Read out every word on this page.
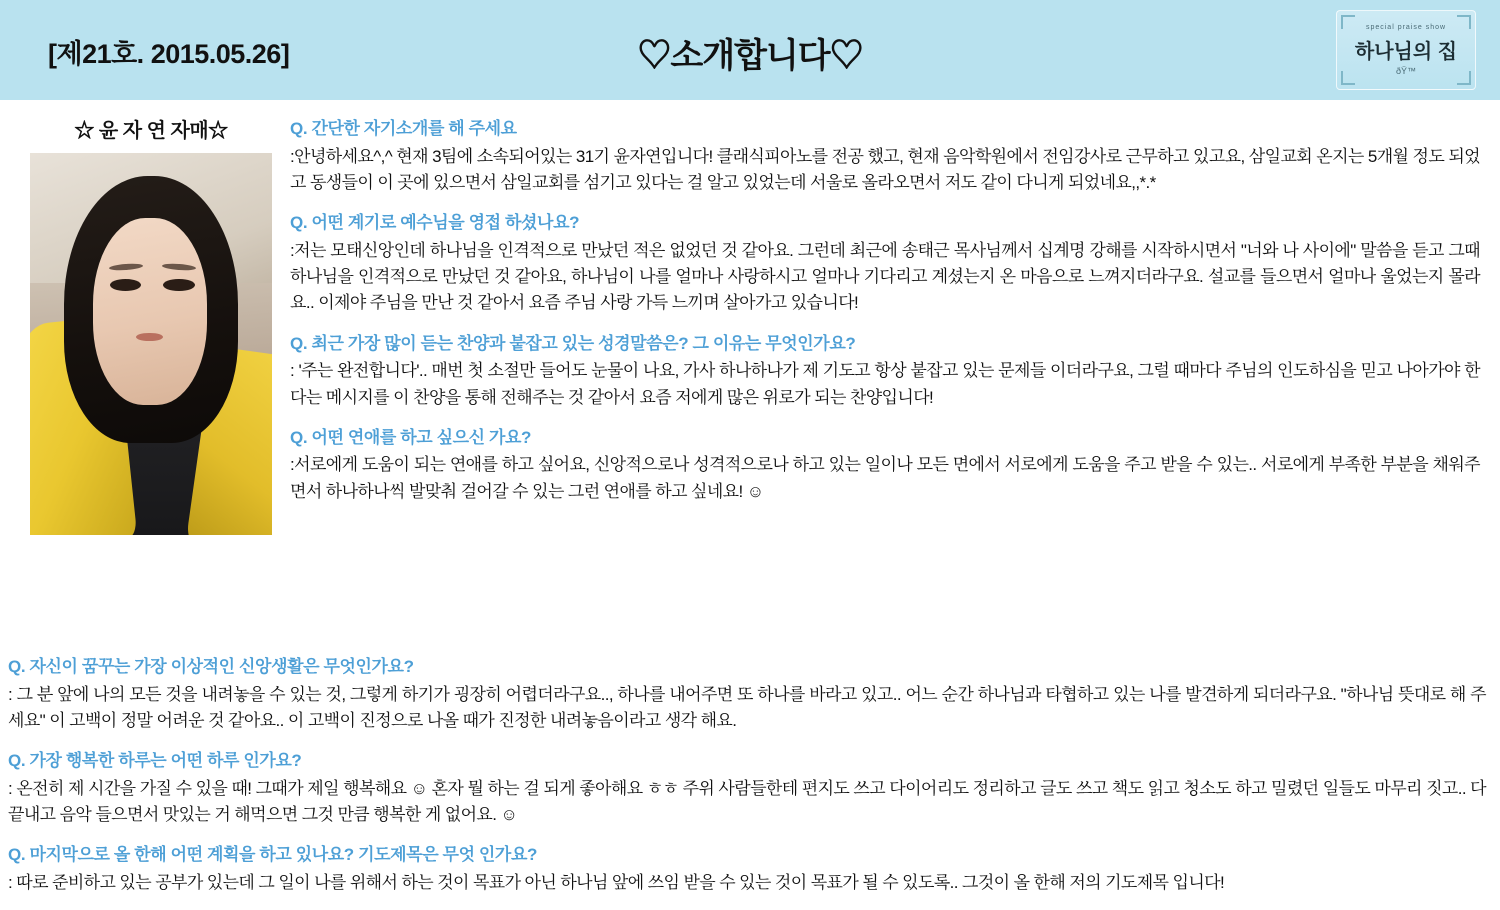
[제21호. 2015.05.26]	♡소개합니다♡
special praise show
하나님의 집
ðŸ™
☆ 윤 자 연 자매☆	Q. 간단한 자기소개를 해 주세요
:안녕하세요^,^ 현재 3팀에 소속되어있는 31기 윤자연입니다! 클래식피아노를 전공 했고, 현재 음악학원에서 전임강사로 근무하고 있고요, 삼일교회 온지는 5개월 정도 되었고 동생들이 이 곳에 있으면서 삼일교회를 섬기고 있다는 걸 알고 있었는데 서울로 올라오면서 저도 같이 다니게 되었네요,,*.*
Q. 어떤 계기로 예수님을 영접 하셨나요?
:저는 모태신앙인데 하나님을 인격적으로 만났던 적은 없었던 것 같아요. 그런데 최근에 송태근 목사님께서 십계명 강해를 시작하시면서 "너와 나 사이에" 말씀을 듣고 그때 하나님을 인격적으로 만났던 것 같아요, 하나님이 나를 얼마나 사랑하시고 얼마나 기다리고 계셨는지 온 마음으로 느껴지더라구요. 설교를 들으면서 얼마나 울었는지 몰라요.. 이제야 주님을 만난 것 같아서 요즘 주님 사랑 가득 느끼며 살아가고 있습니다!
Q. 최근 가장 많이 듣는 찬양과 붙잡고 있는 성경말씀은? 그 이유는 무엇인가요?
: '주는 완전합니다'.. 매번 첫 소절만 들어도 눈물이 나요, 가사 하나하나가 제 기도고 항상 붙잡고 있는 문제들 이더라구요, 그럴 때마다 주님의 인도하심을 믿고 나아가야 한다는 메시지를 이 찬양을 통해 전해주는 것 같아서 요즘 저에게 많은 위로가 되는 찬양입니다!
Q. 어떤 연애를 하고 싶으신 가요?
:서로에게 도움이 되는 연애를 하고 싶어요, 신앙적으로나 성격적으로나 하고 있는 일이나 모든 면에서 서로에게 도움을 주고 받을 수 있는.. 서로에게 부족한 부분을 채워주면서 하나하나씩 발맞춰 걸어갈 수 있는 그런 연애를 하고 싶네요! ☺
Q. 자신이 꿈꾸는 가장 이상적인 신앙생활은 무엇인가요?
: 그 분 앞에 나의 모든 것을 내려놓을 수 있는 것, 그렇게 하기가 굉장히 어렵더라구요.., 하나를 내어주면 또 하나를 바라고 있고.. 어느 순간 하나님과 타협하고 있는 나를 발견하게 되더라구요. "하나님 뜻대로 해 주세요" 이 고백이 정말 어려운 것 같아요.. 이 고백이 진정으로 나올 때가 진정한 내려놓음이라고 생각 해요.
Q. 가장 행복한 하루는 어떤 하루 인가요?
: 온전히 제 시간을 가질 수 있을 때! 그때가 제일 행복해요 ☺ 혼자 뭘 하는 걸 되게 좋아해요 ㅎㅎ 주위 사람들한테 편지도 쓰고 다이어리도 정리하고 글도 쓰고 책도 읽고 청소도 하고 밀렸던 일들도 마무리 짓고.. 다 끝내고 음악 들으면서 맛있는 거 해먹으면 그것 만큼 행복한 게 없어요. ☺
Q. 마지막으로 올 한해 어떤 계획을 하고 있나요? 기도제목은 무엇 인가요?
: 따로 준비하고 있는 공부가 있는데 그 일이 나를 위해서 하는 것이 목표가 아닌 하나님 앞에 쓰임 받을 수 있는 것이 목표가 될 수 있도록.. 그것이 올 한해 저의 기도제목 입니다!
